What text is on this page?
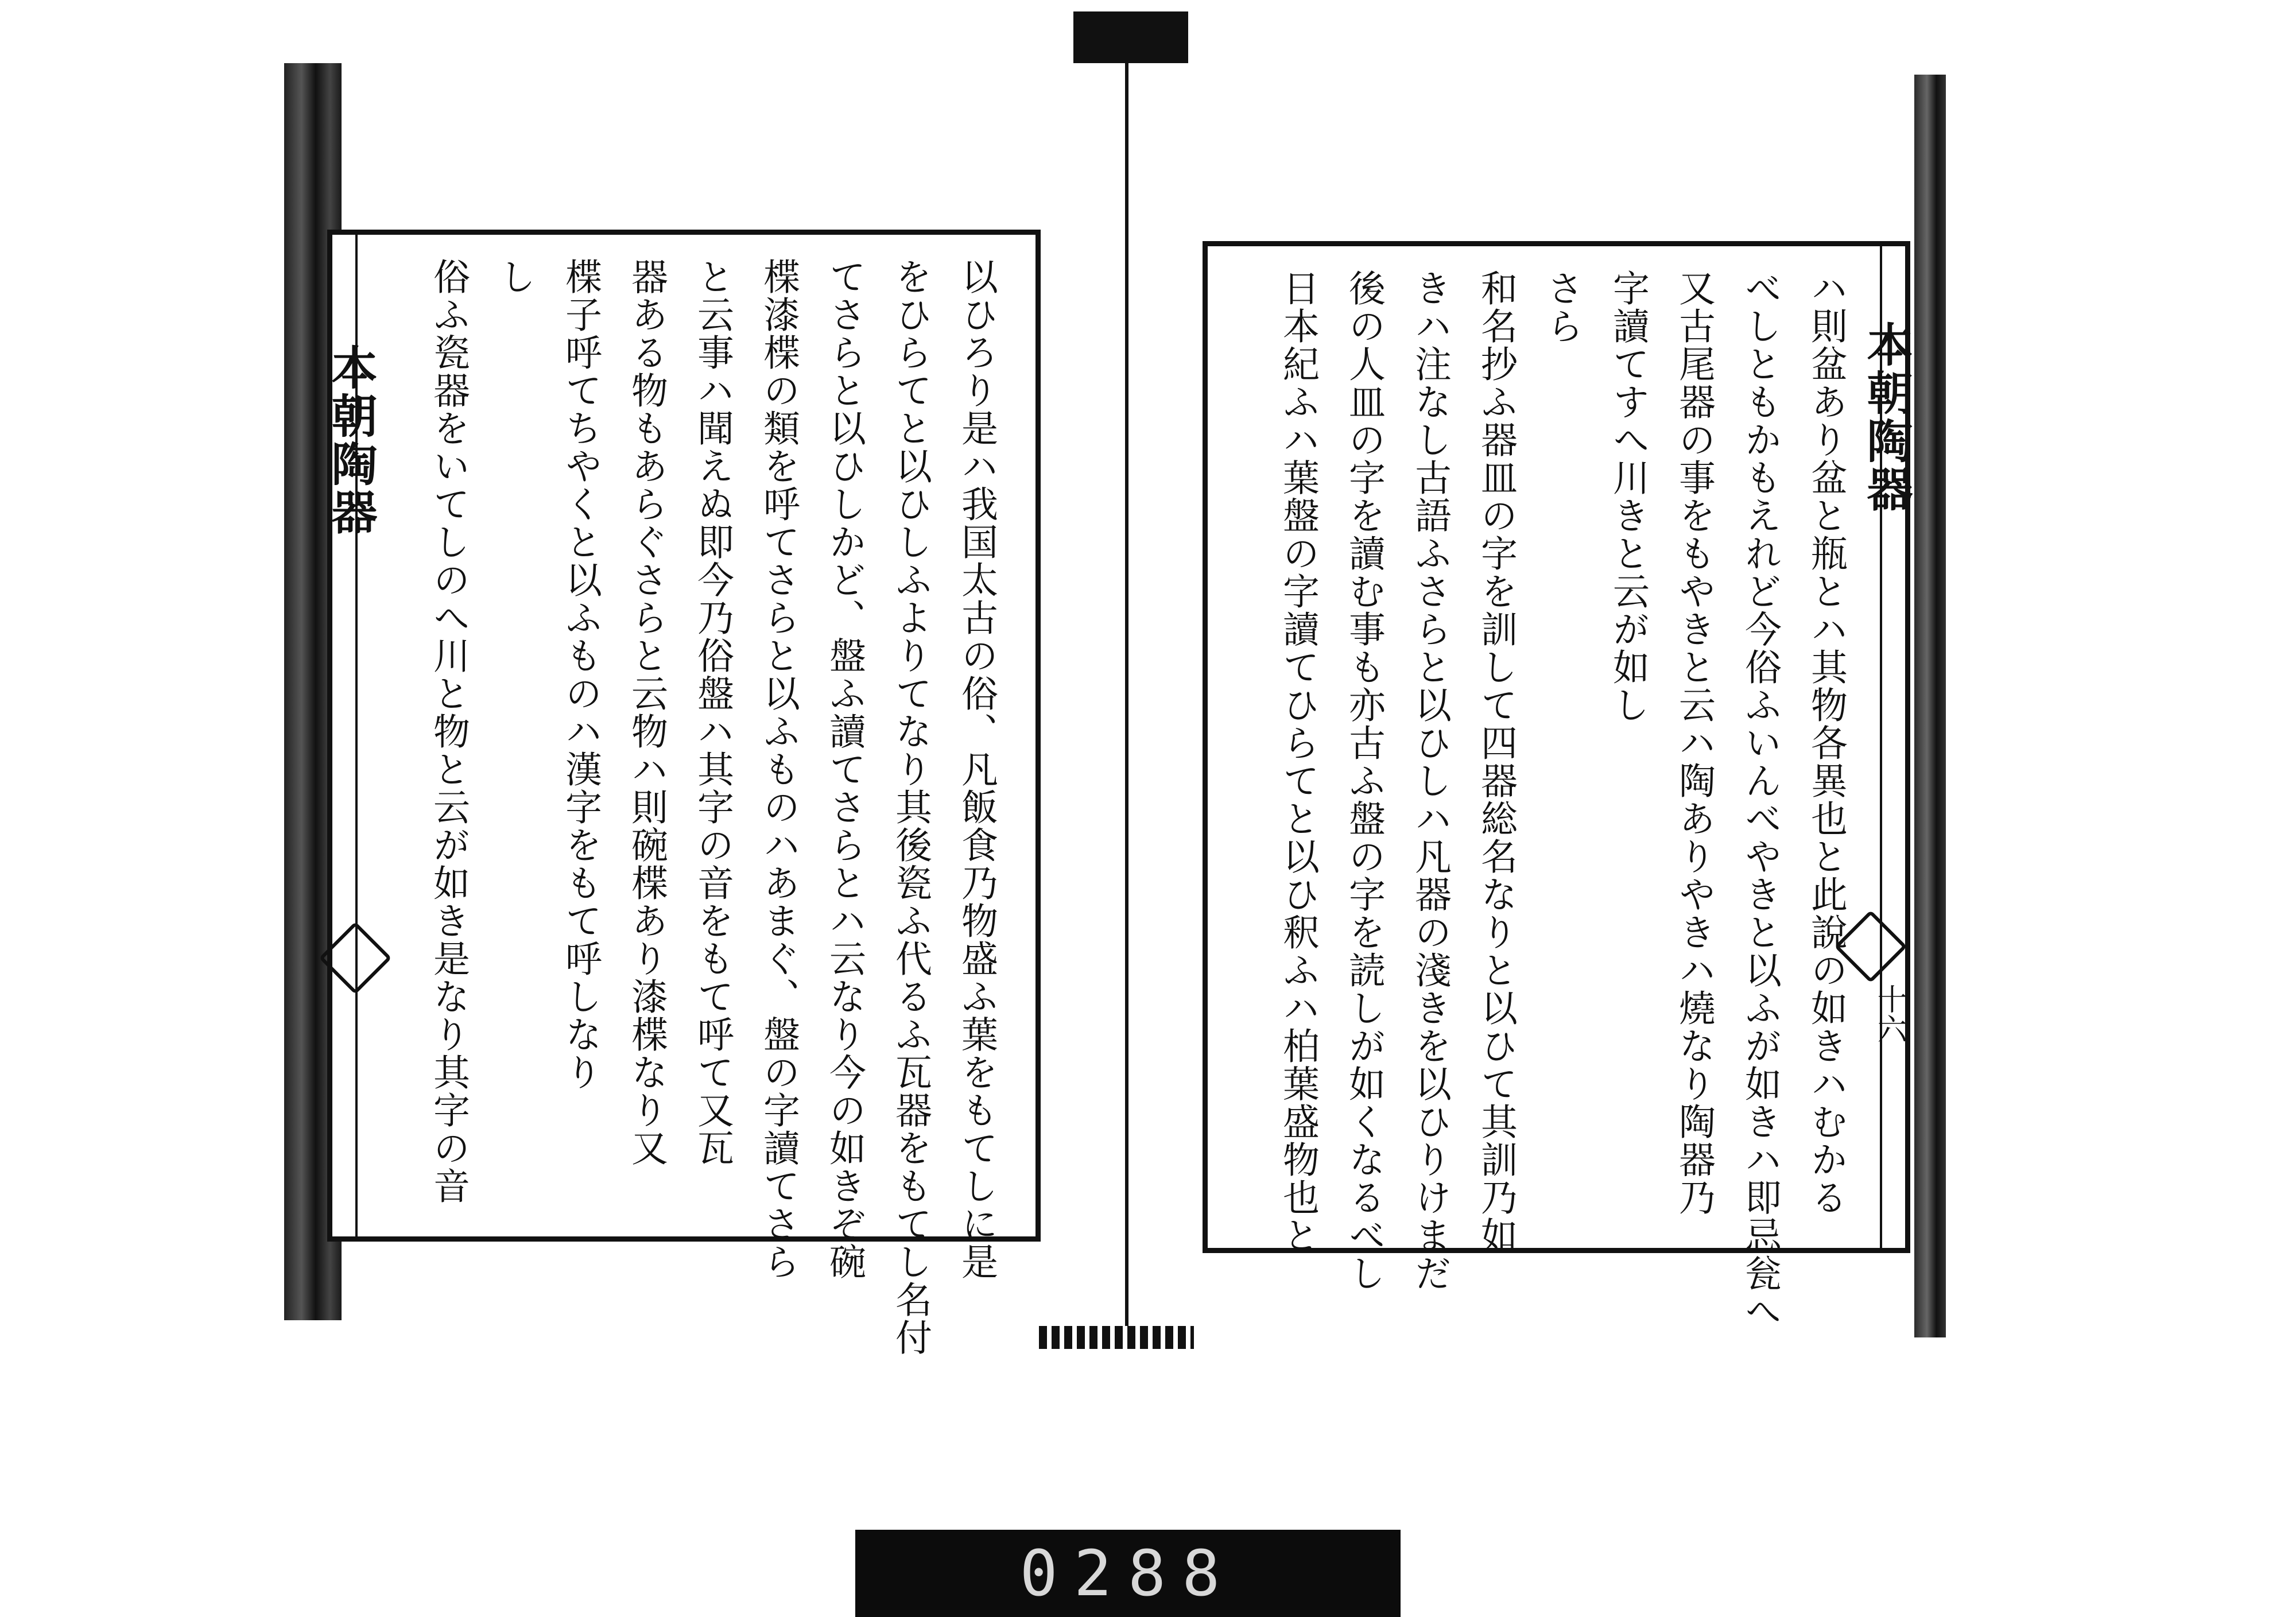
本朝陶器	以ひろり是ハ我国太古の俗、凡飯食乃物盛ふ葉をもてしに是
をひらてと以ひしふよりてなり其後瓷ふ代るふ瓦器をもてし名付
てさらと以ひしかど、盤ふ讀てさらとハ云なり今の如きぞ碗
楪漆楪の類を呼てさらと以ふものハあまぐ、盤の字讀てさら
と云事ハ聞えぬ即今乃俗盤ハ其字の音をもて呼て又瓦
器ある物もあらぐさらと云物ハ則碗楪あり漆楪なり又
楪子呼てちやくと以ふものハ漢字をもて呼しなり
し
俗ふ瓷器をいてしのへ川と物と云が如き是なり其字の音	本朝陶器
十六
ハ則盆あり盆と瓶とハ其物各異也と此說の如きハむかる
べしともかもえれど今俗ふいんべやきと以ふが如きハ即忌瓮へ
又古尾器の事をもやきと云ハ陶ありやきハ燒なり陶器乃
字讀てすへ川きと云が如し
さら
和名抄ふ器皿の字を訓して四器総名なりと以ひて其訓乃如
きハ注なし古語ふさらと以ひしハ凡器の淺きを以ひりけまだ
後の人皿の字を讀む事も亦古ふ盤の字を読しが如くなるべし
日本紀ふハ葉盤の字讀てひらてと以ひ釈ふハ柏葉盛物也と
0288
